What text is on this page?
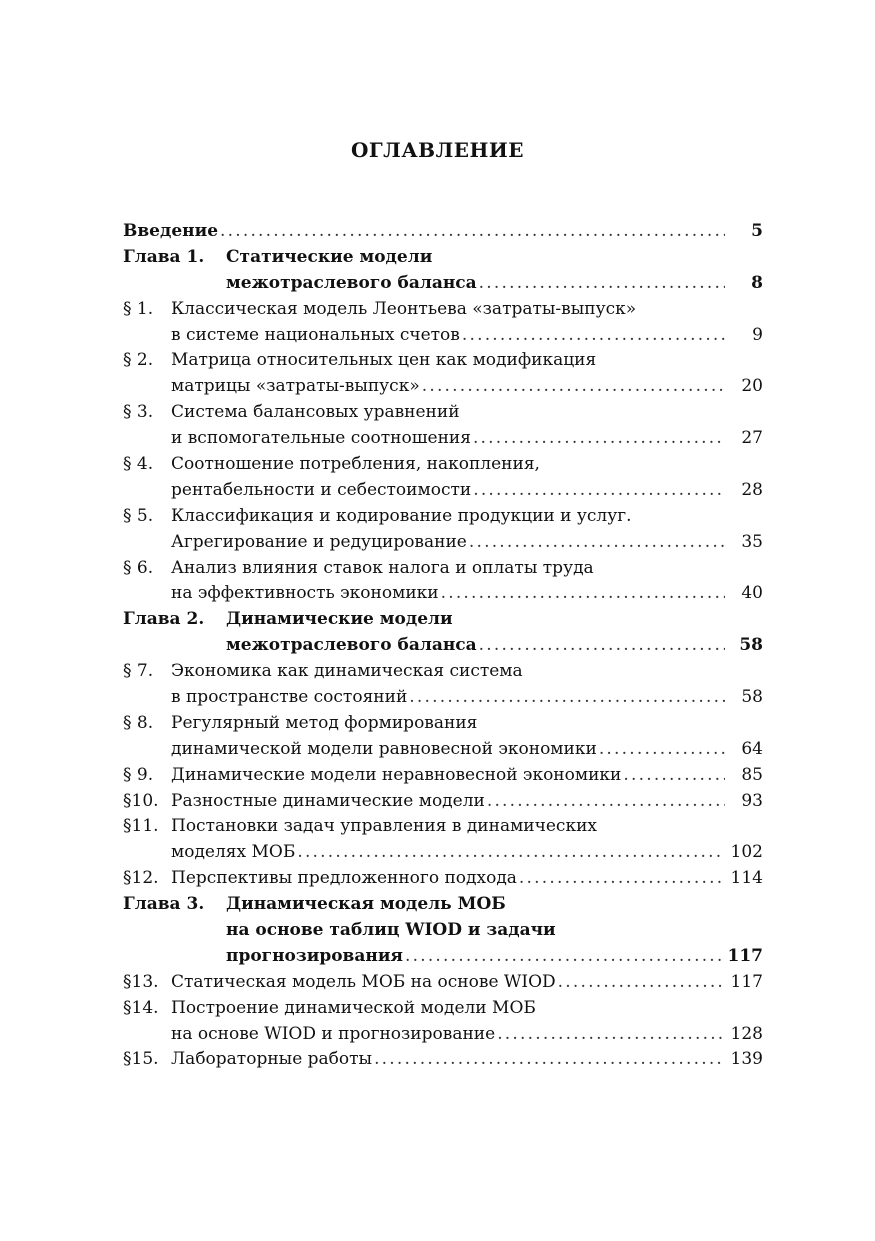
ОГЛАВЛЕНИЕ
Введение . . .	5
Глава 1.	Статические модели
межотраслевого баланса . . .	8
§ 1.	Классическая модель Леонтьева «затраты-выпуск»
в системе национальных счетов . . .	9
§ 2.	Матрица относительных цен как модификация
матрицы «затраты-выпуск» . . .	20
§ 3.	Система балансовых уравнений
и вспомогательные соотношения . . .	27
§ 4.	Соотношение потребления, накопления,
рентабельности и себестоимости . . .	28
§ 5.	Классификация и кодирование продукции и услуг.
Агрегирование и редуцирование . . .	35
§ 6.	Анализ влияния ставок налога и оплаты труда
на эффективность экономики . . .	40
Глава 2.	Динамические модели
межотраслевого баланса . . .	58
§ 7.	Экономика как динамическая система
в пространстве состояний . . .	58
§ 8.	Регулярный метод формирования
динамической модели равновесной экономики . . .	64
§ 9.	Динамические модели неравновесной экономики . . .	85
§10. Разностные динамические модели . . .	93
§11. Постановки задач управления в динамических
моделях МОБ . . .	102
§12. Перспективы предложенного подхода . . .	114
Глава 3.	Динамическая модель МОБ
на основе таблиц WIOD и задачи
прогнозирования . . .	117
§13. Статическая модель МОБ на основе WIOD . . .	117
§14. Построение динамической модели МОБ
на основе WIOD и прогнозирование . . .	128
§15. Лабораторные работы . . .	139
